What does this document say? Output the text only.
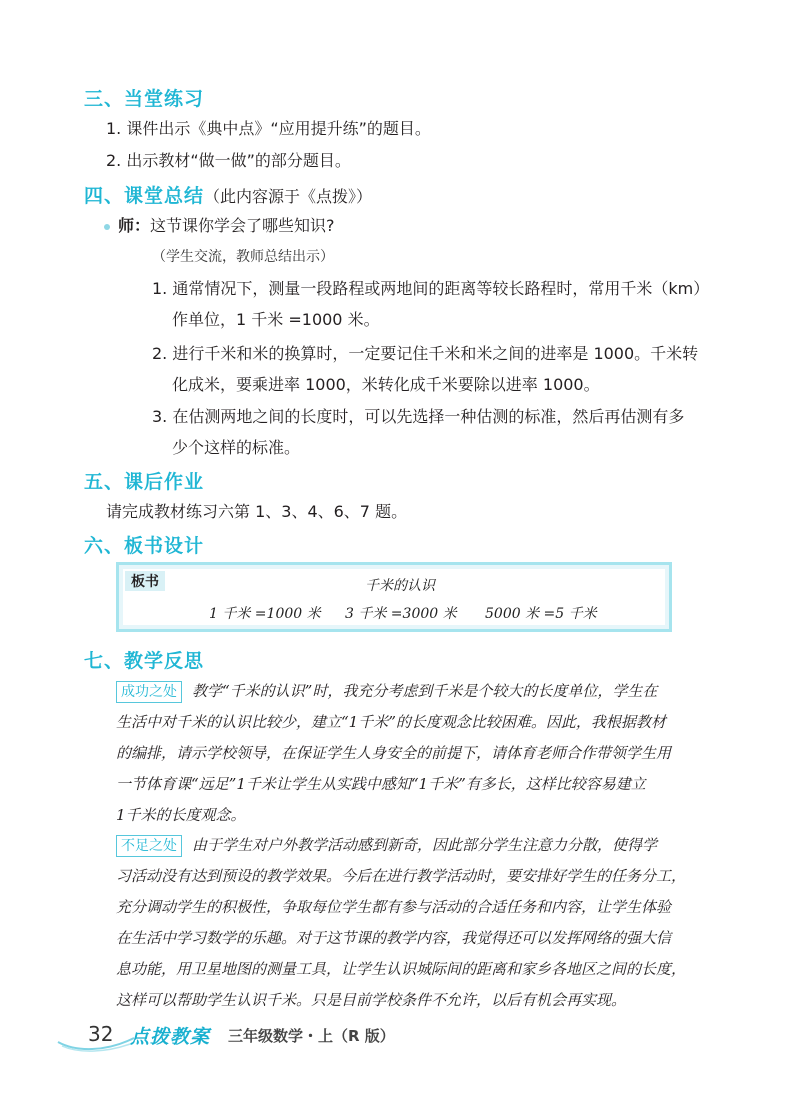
三、当堂练习
1. 课件出示《典中点》“应用提升练”的题目。
2. 出示教材“做一做”的部分题目。
四、课堂总结（此内容源于《点拨》）
师：这节课你学会了哪些知识?
（学生交流，教师总结出示）
1. 通常情况下，测量一段路程或两地间的距离等较长路程时，常用千米（km）
作单位，1 千米 =1000 米。
2. 进行千米和米的换算时，一定要记住千米和米之间的进率是 1000。千米转
化成米，要乘进率 1000，米转化成千米要除以进率 1000。
3. 在估测两地之间的长度时，可以先选择一种估测的标准，然后再估测有多
少个这样的标准。
五、课后作业
请完成教材练习六第 1、3、4、6、7 题。
六、板书设计
板书	千米的认识
1 千米 =1000 米 3 千米 =3000 米 5000 米 =5 千米
七、教学反思
成功之处 教学“千米的认识”时，我充分考虑到千米是个较大的长度单位，学生在
生活中对千米的认识比较少，建立“1千米”的长度观念比较困难。因此，我根据教材
的编排，请示学校领导，在保证学生人身安全的前提下，请体育老师合作带领学生用
一节体育课“远足”1千米让学生从实践中感知“1千米”有多长，这样比较容易建立
1千米的长度观念。
不足之处 由于学生对户外教学活动感到新奇，因此部分学生注意力分散，使得学
习活动没有达到预设的教学效果。今后在进行教学活动时，要安排好学生的任务分工，
充分调动学生的积极性，争取每位学生都有参与活动的合适任务和内容，让学生体验
在生活中学习数学的乐趣。对于这节课的教学内容，我觉得还可以发挥网络的强大信
息功能，用卫星地图的测量工具，让学生认识城际间的距离和家乡各地区之间的长度，
这样可以帮助学生认识千米。只是目前学校条件不允许，以后有机会再实现。
32 点拨教案 三年级数学・上（R 版）
